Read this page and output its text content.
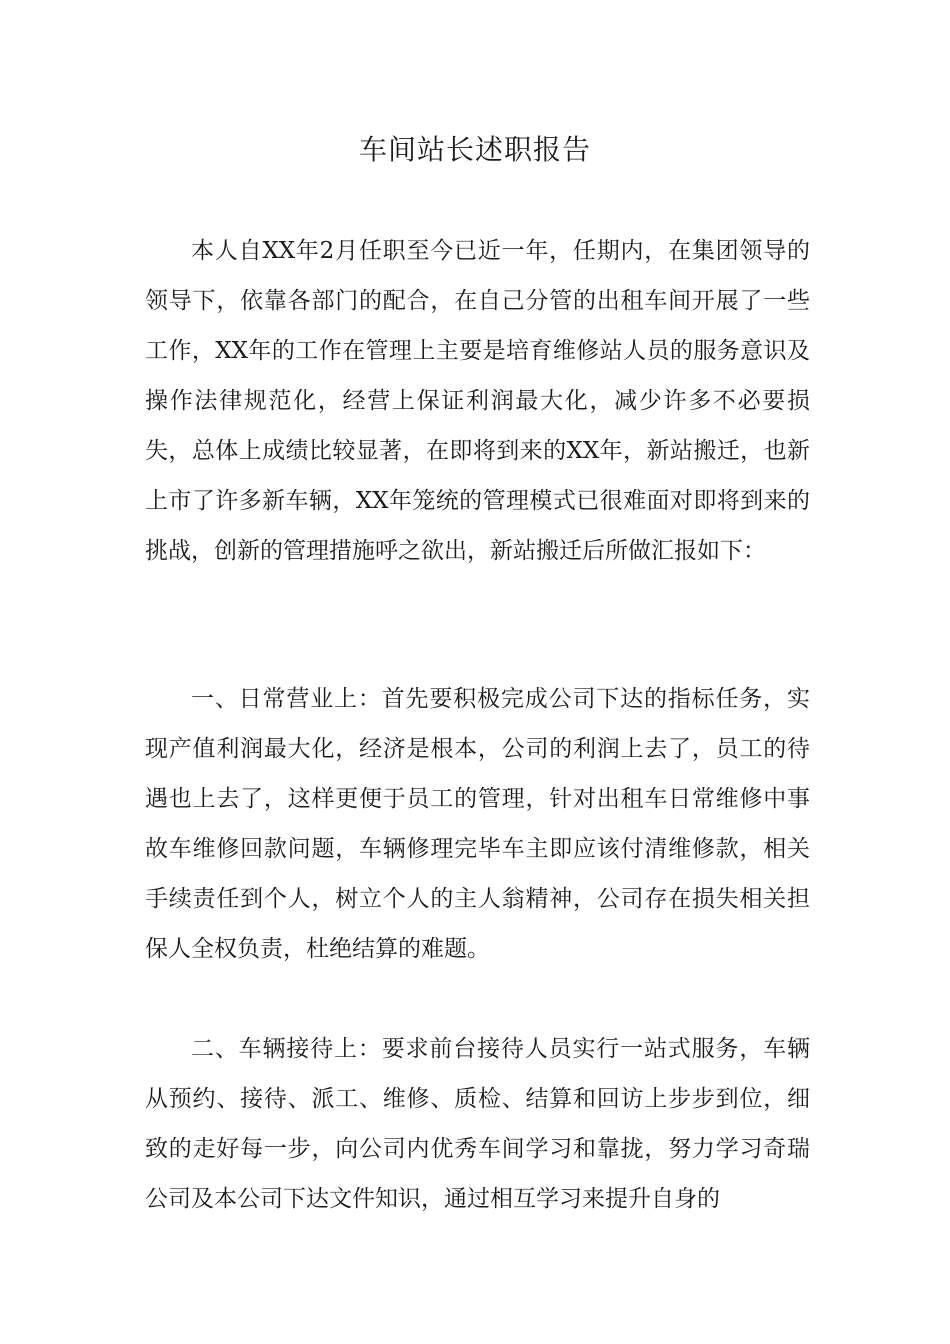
车间站长述职报告

本人自XX年2月任职至今已近一年，任期内，在集团领导的领导下，依靠各部门的配合，在自己分管的出租车间开展了一些工作，XX年的工作在管理上主要是培育维修站人员的服务意识及操作法律规范化，经营上保证利润最大化，减少许多不必要损失，总体上成绩比较显著，在即将到来的XX年，新站搬迁，也新上市了许多新车辆，XX年笼统的管理模式已很难面对即将到来的挑战，创新的管理措施呼之欲出，新站搬迁后所做汇报如下：

一、日常营业上：首先要积极完成公司下达的指标任务，实现产值利润最大化，经济是根本，公司的利润上去了，员工的待遇也上去了，这样更便于员工的管理，针对出租车日常维修中事故车维修回款问题，车辆修理完毕车主即应该付清维修款，相关手续责任到个人，树立个人的主人翁精神，公司存在损失相关担保人全权负责，杜绝结算的难题。

二、车辆接待上：要求前台接待人员实行一站式服务，车辆从预约、接待、派工、维修、质检、结算和回访上步步到位，细致的走好每一步，向公司内优秀车间学习和靠拢，努力学习奇瑞公司及本公司下达文件知识，通过相互学习来提升自身的
